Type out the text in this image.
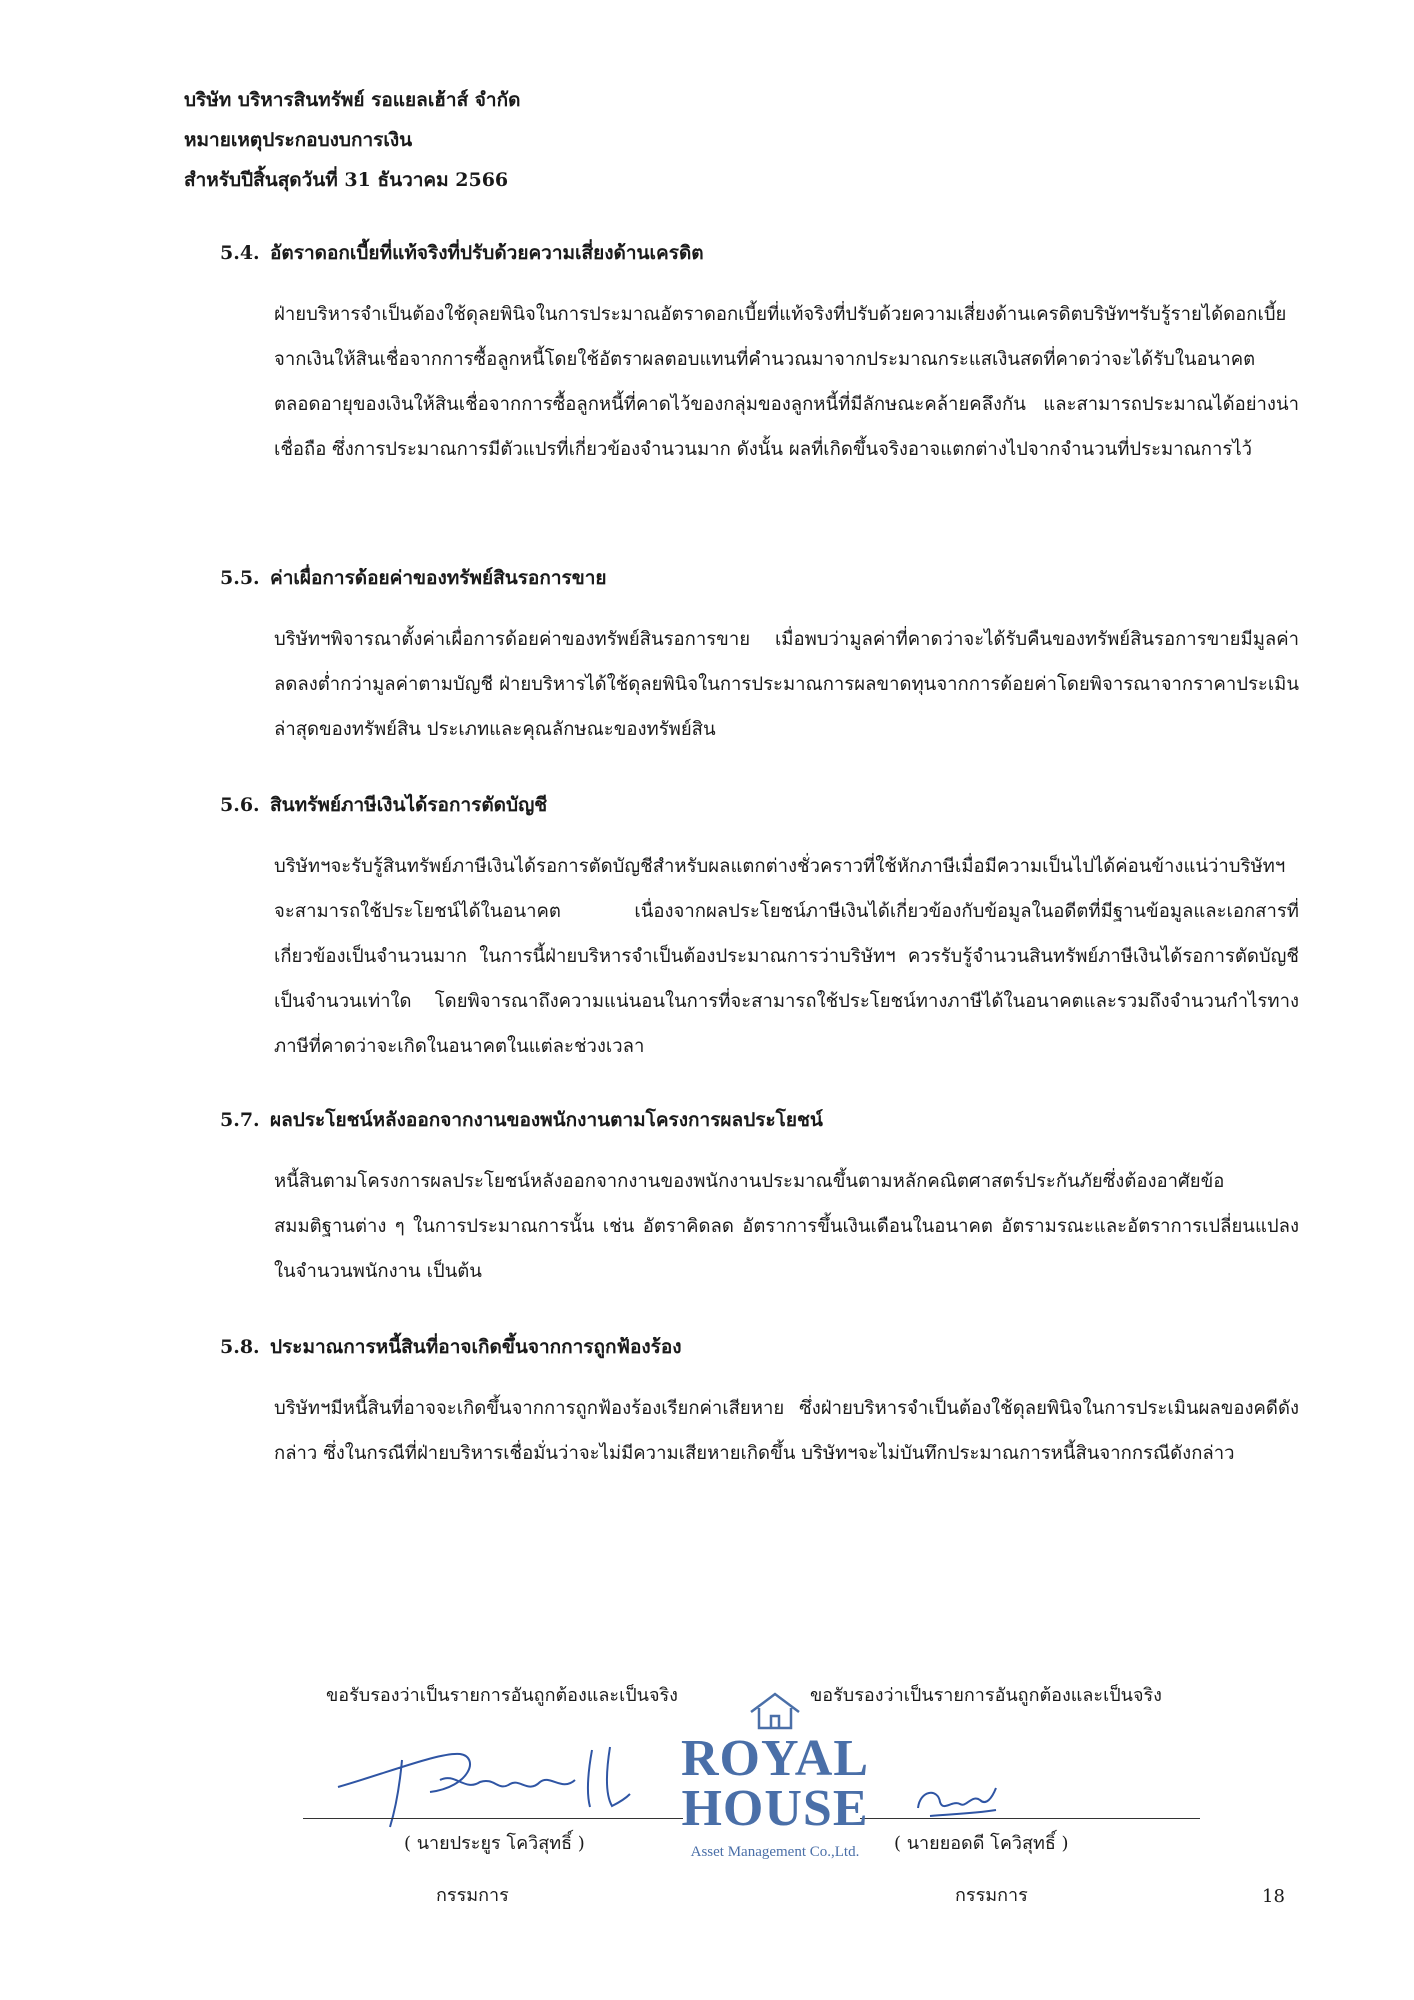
บริษัท บริหารสินทรัพย์ รอแยลเฮ้าส์ จำกัด
หมายเหตุประกอบงบการเงิน
สำหรับปีสิ้นสุดวันที่ 31 ธันวาคม 2566
5.4. อัตราดอกเบี้ยที่แท้จริงที่ปรับด้วยความเสี่ยงด้านเครดิต
ฝ่ายบริหารจำเป็นต้องใช้ดุลยพินิจในการประมาณอัตราดอกเบี้ยที่แท้จริงที่ปรับด้วยความเสี่ยงด้านเครดิตบริษัทฯรับรู้รายได้ดอกเบี้ยจากเงินให้สินเชื่อจากการซื้อลูกหนี้โดยใช้อัตราผลตอบแทนที่คำนวณมาจากประมาณกระแสเงินสดที่คาดว่าจะได้รับในอนาคตตลอดอายุของเงินให้สินเชื่อจากการซื้อลูกหนี้ที่คาดไว้ของกลุ่มของลูกหนี้ที่มีลักษณะคล้ายคลึงกัน และสามารถประมาณได้อย่างน่าเชื่อถือ ซึ่งการประมาณการมีตัวแปรที่เกี่ยวข้องจำนวนมาก ดังนั้น ผลที่เกิดขึ้นจริงอาจแตกต่างไปจากจำนวนที่ประมาณการไว้
5.5. ค่าเผื่อการด้อยค่าของทรัพย์สินรอการขาย
บริษัทฯพิจารณาตั้งค่าเผื่อการด้อยค่าของทรัพย์สินรอการขาย เมื่อพบว่ามูลค่าที่คาดว่าจะได้รับคืนของทรัพย์สินรอการขายมีมูลค่าลดลงต่ำกว่ามูลค่าตามบัญชี ฝ่ายบริหารได้ใช้ดุลยพินิจในการประมาณการผลขาดทุนจากการด้อยค่าโดยพิจารณาจากราคาประเมินล่าสุดของทรัพย์สิน ประเภทและคุณลักษณะของทรัพย์สิน
5.6. สินทรัพย์ภาษีเงินได้รอการตัดบัญชี
บริษัทฯจะรับรู้สินทรัพย์ภาษีเงินได้รอการตัดบัญชีสำหรับผลแตกต่างชั่วคราวที่ใช้หักภาษีเมื่อมีความเป็นไปได้ค่อนข้างแน่ว่าบริษัทฯจะสามารถใช้ประโยชน์ได้ในอนาคต เนื่องจากผลประโยชน์ภาษีเงินได้เกี่ยวข้องกับข้อมูลในอดีตที่มีฐานข้อมูลและเอกสารที่เกี่ยวข้องเป็นจำนวนมาก ในการนี้ฝ่ายบริหารจำเป็นต้องประมาณการว่าบริษัทฯ ควรรับรู้จำนวนสินทรัพย์ภาษีเงินได้รอการตัดบัญชีเป็นจำนวนเท่าใด โดยพิจารณาถึงความแน่นอนในการที่จะสามารถใช้ประโยชน์ทางภาษีได้ในอนาคตและรวมถึงจำนวนกำไรทางภาษีที่คาดว่าจะเกิดในอนาคตในแต่ละช่วงเวลา
5.7. ผลประโยชน์หลังออกจากงานของพนักงานตามโครงการผลประโยชน์
หนี้สินตามโครงการผลประโยชน์หลังออกจากงานของพนักงานประมาณขึ้นตามหลักคณิตศาสตร์ประกันภัยซึ่งต้องอาศัยข้อสมมติฐานต่าง ๆ ในการประมาณการนั้น เช่น อัตราคิดลด อัตราการขึ้นเงินเดือนในอนาคต อัตรามรณะและอัตราการเปลี่ยนแปลงในจำนวนพนักงาน เป็นต้น
5.8. ประมาณการหนี้สินที่อาจเกิดขึ้นจากการถูกฟ้องร้อง
บริษัทฯมีหนี้สินที่อาจจะเกิดขึ้นจากการถูกฟ้องร้องเรียกค่าเสียหาย ซึ่งฝ่ายบริหารจำเป็นต้องใช้ดุลยพินิจในการประเมินผลของคดีดังกล่าว ซึ่งในกรณีที่ฝ่ายบริหารเชื่อมั่นว่าจะไม่มีความเสียหายเกิดขึ้น บริษัทฯจะไม่บันทึกประมาณการหนี้สินจากกรณีดังกล่าว
ขอรับรองว่าเป็นรายการอันถูกต้องและเป็นจริง	ขอรับรองว่าเป็นรายการอันถูกต้องและเป็นจริง
( นายประยูร โควิสุทธิ์ )	( นายยอดดี โควิสุทธิ์ )
กรรมการ	กรรมการ
ROYAL
HOUSE
Asset Management Co.,Ltd.
18
